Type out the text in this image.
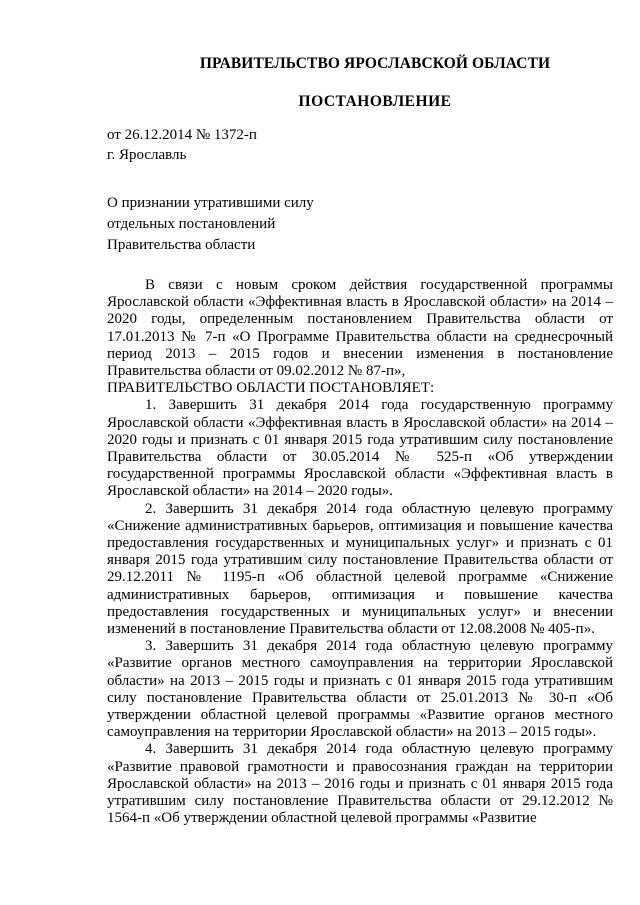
ПРАВИТЕЛЬСТВО ЯРОСЛАВСКОЙ ОБЛАСТИ
ПОСТАНОВЛЕНИЕ
от 26.12.2014 № 1372-п
г. Ярославль
О признании утратившими силу
отдельных постановлений
Правительства области

В связи с новым сроком действия государственной программы Ярославской области «Эффективная власть в Ярославской области» на 2014 – 2020 годы, определенным постановлением Правительства области от 17.01.2013 № 7-п «О Программе Правительства области на среднесрочный период 2013 – 2015 годов и внесении изменения в постановление Правительства области от 09.02.2012 № 87-п»,

ПРАВИТЕЛЬСТВО ОБЛАСТИ ПОСТАНОВЛЯЕТ:

1. Завершить 31 декабря 2014 года государственную программу Ярославской области «Эффективная власть в Ярославской области» на 2014 – 2020 годы и признать с 01 января 2015 года утратившим силу постановление Правительства области от 30.05.2014 № 525-п «Об утверждении государственной программы Ярославской области «Эффективная власть в Ярославской области» на 2014 – 2020 годы».

2. Завершить 31 декабря 2014 года областную целевую программу «Снижение административных барьеров, оптимизация и повышение качества предоставления государственных и муниципальных услуг» и признать с 01 января 2015 года утратившим силу постановление Правительства области от 29.12.2011 № 1195-п «Об областной целевой программе «Снижение административных барьеров, оптимизация и повышение качества предоставления государственных и муниципальных услуг» и внесении изменений в постановление Правительства области от 12.08.2008 № 405-п».

3. Завершить 31 декабря 2014 года областную целевую программу «Развитие органов местного самоуправления на территории Ярославской области» на 2013 – 2015 годы и признать с 01 января 2015 года утратившим силу постановление Правительства области от 25.01.2013 № 30-п «Об утверждении областной целевой программы «Развитие органов местного самоуправления на территории Ярославской области» на 2013 – 2015 годы».

4. Завершить 31 декабря 2014 года областную целевую программу «Развитие правовой грамотности и правосознания граждан на территории Ярославской области» на 2013 – 2016 годы и признать с 01 января 2015 года утратившим силу постановление Правительства области от 29.12.2012 № 1564-п «Об утверждении областной целевой программы «Развитие
